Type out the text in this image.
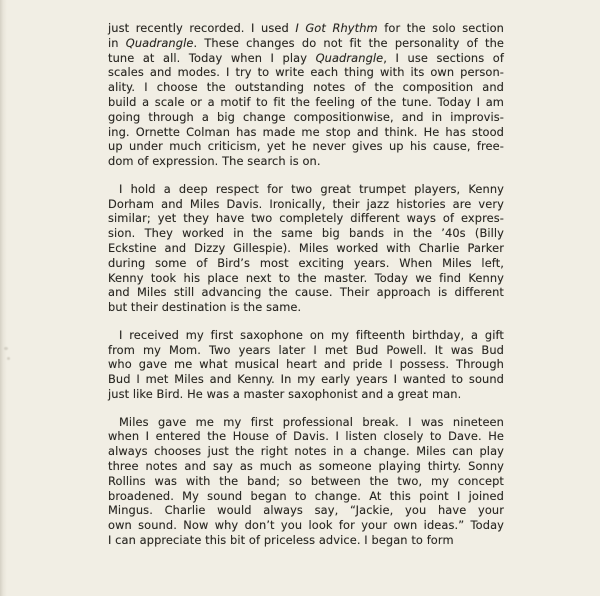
just recently recorded. I used I Got Rhythm for the solo section
in Quadrangle. These changes do not fit the personality of the
tune at all. Today when I play Quadrangle, I use sections of
scales and modes. I try to write each thing with its own person-
ality. I choose the outstanding notes of the composition and
build a scale or a motif to fit the feeling of the tune. Today I am
going through a big change compositionwise, and in improvis-
ing. Ornette Colman has made me stop and think. He has stood
up under much criticism, yet he never gives up his cause, free-
dom of expression. The search is on.
I hold a deep respect for two great trumpet players, Kenny
Dorham and Miles Davis. Ironically, their jazz histories are very
similar; yet they have two completely different ways of expres-
sion. They worked in the same big bands in the ’40s (Billy
Eckstine and Dizzy Gillespie). Miles worked with Charlie Parker
during some of Bird’s most exciting years. When Miles left,
Kenny took his place next to the master. Today we find Kenny
and Miles still advancing the cause. Their approach is different
but their destination is the same.
I received my first saxophone on my fifteenth birthday, a gift
from my Mom. Two years later I met Bud Powell. It was Bud
who gave me what musical heart and pride I possess. Through
Bud I met Miles and Kenny. In my early years I wanted to sound
just like Bird. He was a master saxophonist and a great man.
Miles gave me my first professional break. I was nineteen
when I entered the House of Davis. I listen closely to Dave. He
always chooses just the right notes in a change. Miles can play
three notes and say as much as someone playing thirty. Sonny
Rollins was with the band; so between the two, my concept
broadened. My sound began to change. At this point I joined
Mingus. Charlie would always say, “Jackie, you have your
own sound. Now why don’t you look for your own ideas.” Today
I can appreciate this bit of priceless advice. I began to form
